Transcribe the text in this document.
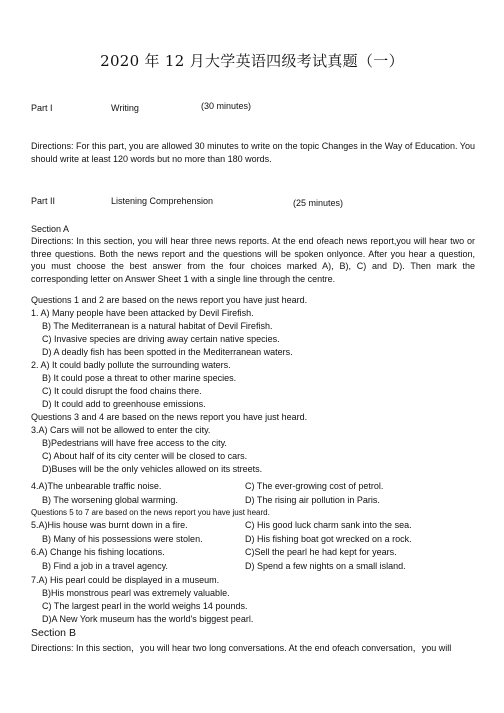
2020 年 12 月大学英语四级考试真题（一）
Part I	Writing	(30 minutes)
Directions: For this part, you are allowed 30 minutes to write on the topic Changes in the Way of Education. You should write at least 120 words but no more than 180 words.
Part II	Listening Comprehension	(25 minutes)
Section A
Directions: In this section, you will hear three news reports. At the end ofeach news report,you will hear two or three questions. Both the news report and the questions will be spoken onlyonce. After you hear a question, you must choose the best answer from the four choices marked A), B), C) and D). Then mark the corresponding letter on Answer Sheet 1 with a single line through the centre.
Questions 1 and 2 are based on the news report you have just heard.
1. A) Many people have been attacked by Devil Firefish.
B) The Mediterranean is a natural habitat of Devil Firefish.
C) Invasive species are driving away certain native species.
D) A deadly fish has been spotted in the Mediterranean waters.
2. A) It could badly pollute the surrounding waters.
B) It could pose a threat to other marine species.
C) It could disrupt the food chains there.
D) It could add to greenhouse emissions.
Questions 3 and 4 are based on the news report you have just heard.
3.A) Cars will not be allowed to enter the city.
B)Pedestrians will have free access to the city.
C) About half of its city center will be closed to cars.
D)Buses will be the only vehicles allowed on its streets.
4.A)The unbearable traffic noise.	C) The ever-growing cost of petrol.
B) The worsening global warming.	D) The rising air pollution in Paris.
Questions 5 to 7 are based on the news report you have just heard.
5.A)His house was burnt down in a fire.	C) His good luck charm sank into the sea.
B) Many of his possessions were stolen.	D) His fishing boat got wrecked on a rock.
6.A) Change his fishing locations.	C)Sell the pearl he had kept for years.
B) Find a job in a travel agency.	D) Spend a few nights on a small island.
7.A) His pearl could be displayed in a museum.
B)His monstrous pearl was extremely valuable.
C) The largest pearl in the world weighs 14 pounds.
D)A New York museum has the world's biggest pearl.
Section B
Directions: In this section，you will hear two long conversations. At the end ofeach conversation，you will
